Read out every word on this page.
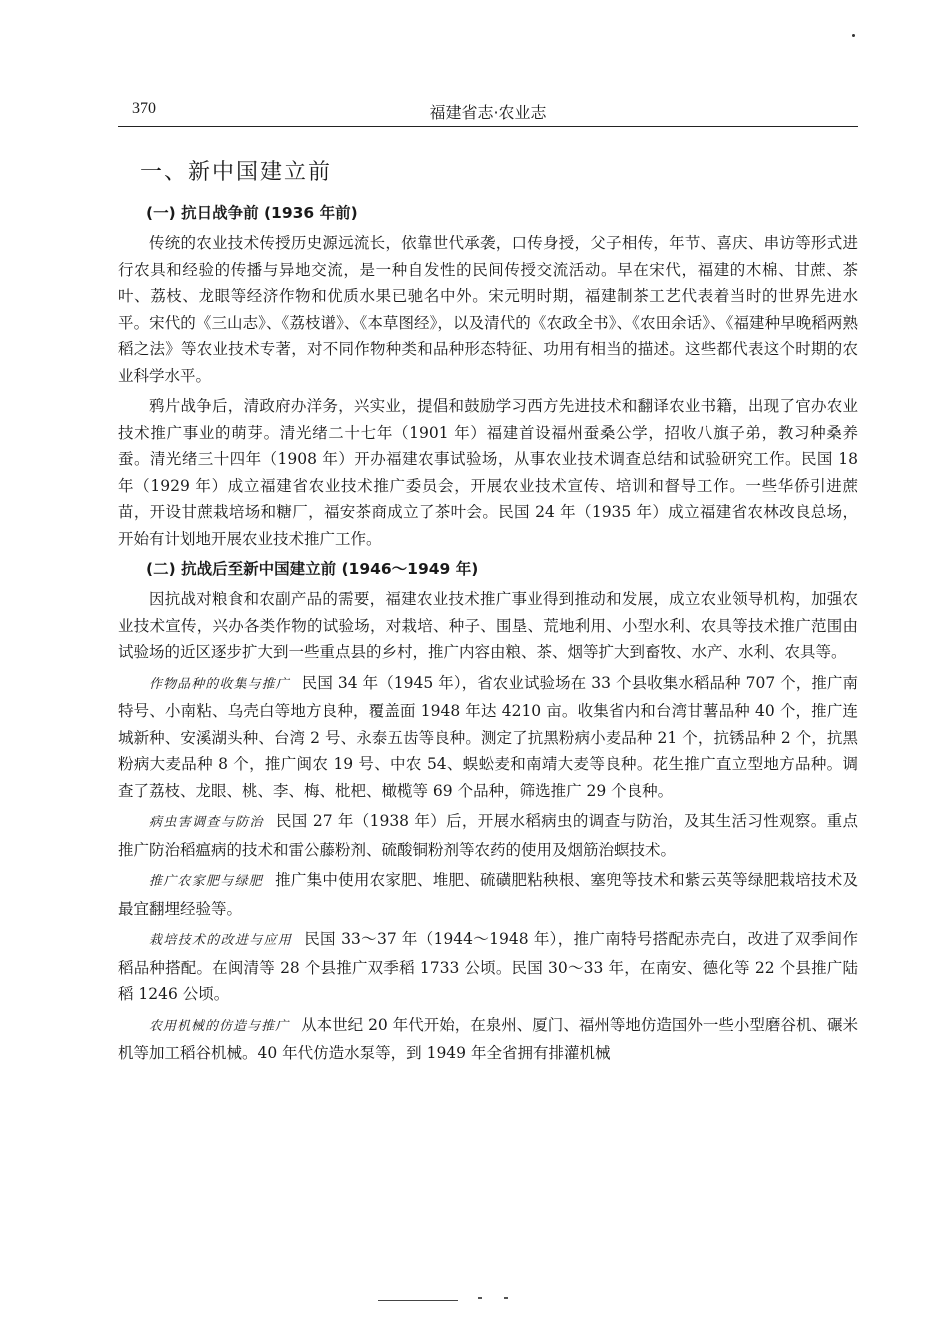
370	福建省志·农业志
一、新中国建立前
(一) 抗日战争前 (1936 年前)

传统的农业技术传授历史源远流长，依靠世代承袭，口传身授，父子相传，年节、喜庆、串访等形式进行农具和经验的传播与异地交流，是一种自发性的民间传授交流活动。早在宋代，福建的木棉、甘蔗、茶叶、荔枝、龙眼等经济作物和优质水果已驰名中外。宋元明时期，福建制茶工艺代表着当时的世界先进水平。宋代的《三山志》、《荔枝谱》、《本草图经》，以及清代的《农政全书》、《农田余话》、《福建种早晚稻两熟稻之法》等农业技术专著，对不同作物种类和品种形态特征、功用有相当的描述。这些都代表这个时期的农业科学水平。

鸦片战争后，清政府办洋务，兴实业，提倡和鼓励学习西方先进技术和翻译农业书籍，出现了官办农业技术推广事业的萌芽。清光绪二十七年（1901 年）福建首设福州蚕桑公学，招收八旗子弟，教习种桑养蚕。清光绪三十四年（1908 年）开办福建农事试验场，从事农业技术调查总结和试验研究工作。民国 18 年（1929 年）成立福建省农业技术推广委员会，开展农业技术宣传、培训和督导工作。一些华侨引进蔗苗，开设甘蔗栽培场和糖厂，福安茶商成立了茶叶会。民国 24 年（1935 年）成立福建省农林改良总场，开始有计划地开展农业技术推广工作。

(二) 抗战后至新中国建立前 (1946～1949 年)

因抗战对粮食和农副产品的需要，福建农业技术推广事业得到推动和发展，成立农业领导机构，加强农业技术宣传，兴办各类作物的试验场，对栽培、种子、围垦、荒地利用、小型水利、农具等技术推广范围由试验场的近区逐步扩大到一些重点县的乡村，推广内容由粮、茶、烟等扩大到畜牧、水产、水利、农具等。

作物品种的收集与推广 民国 34 年（1945 年），省农业试验场在 33 个县收集水稻品种 707 个，推广南特号、小南粘、乌壳白等地方良种，覆盖面 1948 年达 4210 亩。收集省内和台湾甘薯品种 40 个，推广连城新种、安溪湖头种、台湾 2 号、永泰五齿等良种。测定了抗黑粉病小麦品种 21 个，抗锈品种 2 个，抗黑粉病大麦品种 8 个，推广闽农 19 号、中农 54、蜈蚣麦和南靖大麦等良种。花生推广直立型地方品种。调查了荔枝、龙眼、桃、李、梅、枇杷、橄榄等 69 个品种，筛选推广 29 个良种。

病虫害调查与防治 民国 27 年（1938 年）后，开展水稻病虫的调查与防治，及其生活习性观察。重点推广防治稻瘟病的技术和雷公藤粉剂、硫酸铜粉剂等农药的使用及烟筋治螟技术。

推广农家肥与绿肥 推广集中使用农家肥、堆肥、硫磺肥粘秧根、塞兜等技术和紫云英等绿肥栽培技术及最宜翻埋经验等。

栽培技术的改进与应用 民国 33～37 年（1944～1948 年），推广南特号搭配赤壳白，改进了双季间作稻品种搭配。在闽清等 28 个县推广双季稻 1733 公顷。民国 30～33 年，在南安、德化等 22 个县推广陆稻 1246 公顷。

农用机械的仿造与推广 从本世纪 20 年代开始，在泉州、厦门、福州等地仿造国外一些小型磨谷机、碾米机等加工稻谷机械。40 年代仿造水泵等，到 1949 年全省拥有排灌机械
